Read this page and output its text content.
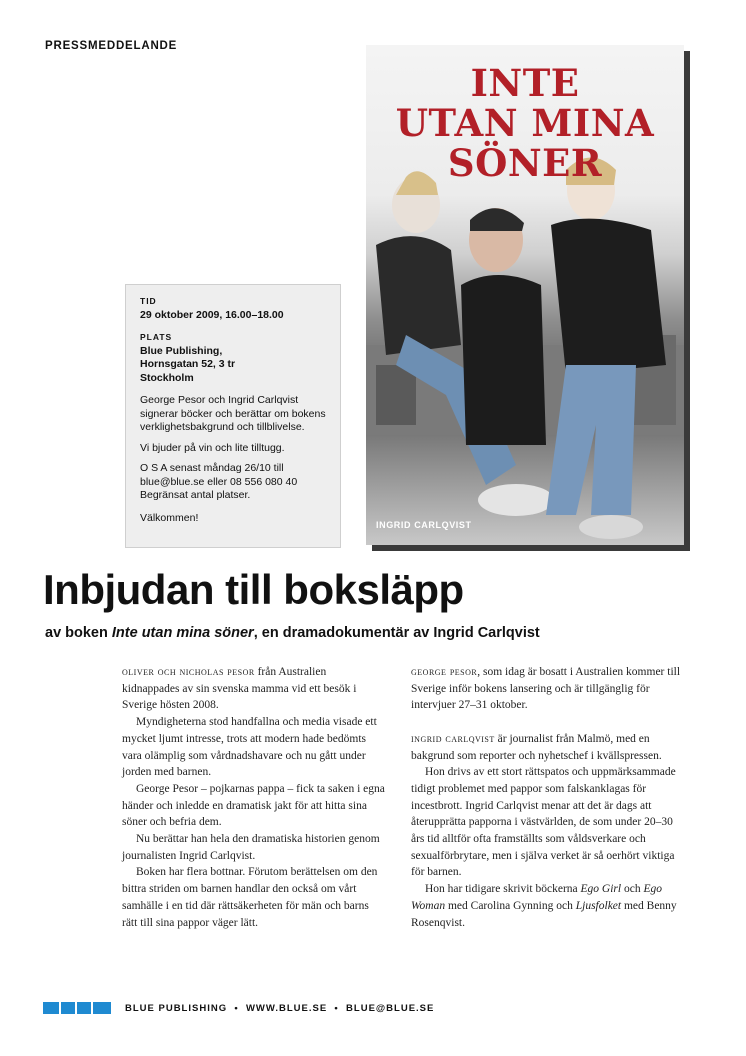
PRESSMEDDELANDE
INTE
UTAN MINA
SÖNER
INGRID CARLQVIST
TID
29 oktober 2009, 16.00–18.00
PLATS
Blue Publishing,
Hornsgatan 52, 3 tr
Stockholm

George Pesor och Ingrid Carlqvist signerar böcker och berättar om bokens verklighetsbakgrund och tillblivelse.

Vi bjuder på vin och lite tilltugg.

O S A senast måndag 26/10 till
blue@blue.se eller 08 556 080 40
Begränsat antal platser.
Välkommen!
Inbjudan till boksläpp
av boken Inte utan mina söner, en dramadokumentär av Ingrid Carlqvist

oliver och nicholas pesor från Australien kidnappades av sin svenska mamma vid ett besök i Sverige hösten 2008.

Myndigheterna stod handfallna och media visade ett mycket ljumt intresse, trots att modern hade bedömts vara olämplig som vårdnadshavare och nu gått under jorden med barnen.

George Pesor – pojkarnas pappa – fick ta saken i egna händer och inledde en dramatisk jakt för att hitta sina söner och befria dem.

Nu berättar han hela den dramatiska historien genom journalisten Ingrid Carlqvist.

Boken har flera bottnar. Förutom berättelsen om den bittra striden om barnen handlar den också om vårt samhälle i en tid där rättsäkerheten för män och barns rätt till sina pappor väger lätt.

george pesor, som idag är bosatt i Australien kommer till Sverige inför bokens lansering och är tillgänglig för intervjuer 27–31 oktober.

ingrid carlqvist är journalist från Malmö, med en bakgrund som reporter och nyhetschef i kvällspressen.

Hon drivs av ett stort rättspatos och uppmärksammade tidigt problemet med pappor som falskanklagas för incestbrott. Ingrid Carlqvist menar att det är dags att återupprätta papporna i västvärlden, de som under 20–30 års tid alltför ofta framställts som våldsverkare och sexualförbrytare, men i själva verket är så oerhört viktiga för barnen.

Hon har tidigare skrivit böckerna Ego Girl och Ego Woman med Carolina Gynning och Ljusfolket med Benny Rosenqvist.

BLUE PUBLISHING  •  WWW.BLUE.SE  •  BLUE@BLUE.SE
